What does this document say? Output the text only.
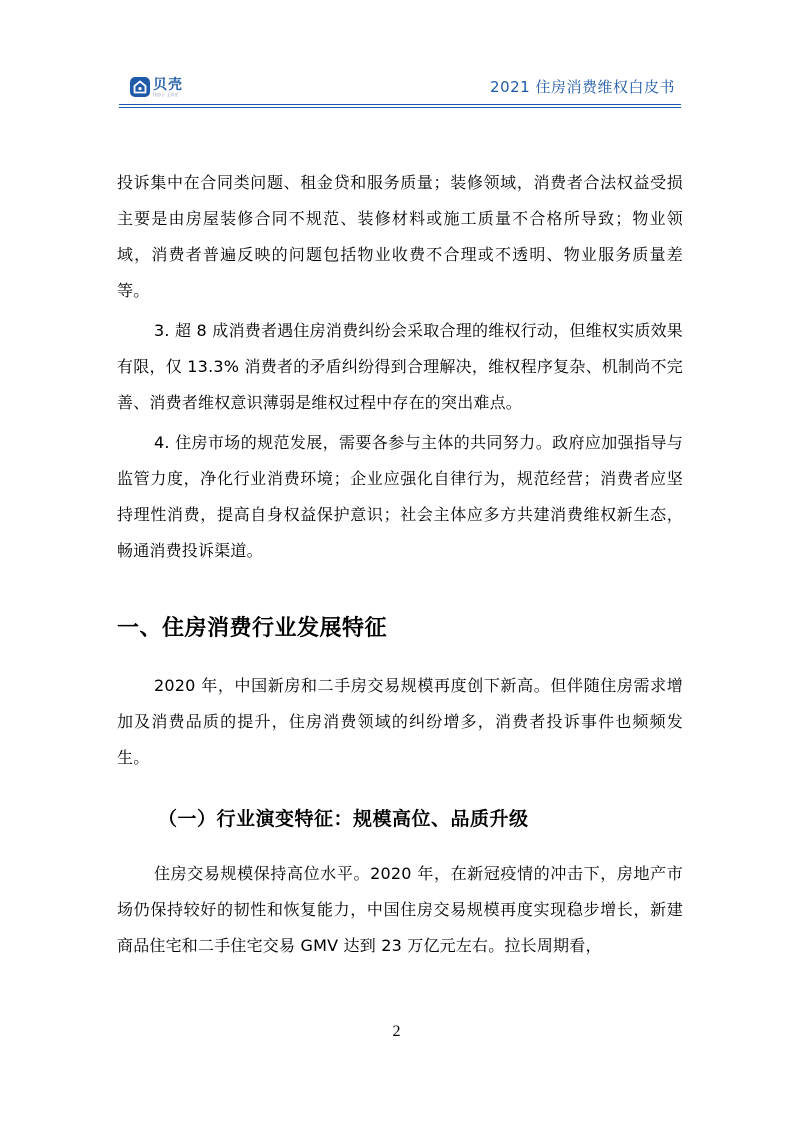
贝壳
找房子 上贝壳	2021 住房消费维权白皮书

投诉集中在合同类问题、租金贷和服务质量；装修领域，消费者合法权益受损主要是由房屋装修合同不规范、装修材料或施工质量不合格所导致；物业领域，消费者普遍反映的问题包括物业收费不合理或不透明、物业服务质量差等。

3. 超 8 成消费者遇住房消费纠纷会采取合理的维权行动，但维权实质效果有限，仅 13.3% 消费者的矛盾纠纷得到合理解决，维权程序复杂、机制尚不完善、消费者维权意识薄弱是维权过程中存在的突出难点。

4. 住房市场的规范发展，需要各参与主体的共同努力。政府应加强指导与监管力度，净化行业消费环境；企业应强化自律行为，规范经营；消费者应坚持理性消费，提高自身权益保护意识；社会主体应多方共建消费维权新生态，畅通消费投诉渠道。

一、住房消费行业发展特征

2020 年，中国新房和二手房交易规模再度创下新高。但伴随住房需求增加及消费品质的提升，住房消费领域的纠纷增多，消费者投诉事件也频频发生。

（一）行业演变特征：规模高位、品质升级

住房交易规模保持高位水平。2020 年，在新冠疫情的冲击下，房地产市场仍保持较好的韧性和恢复能力，中国住房交易规模再度实现稳步增长，新建商品住宅和二手住宅交易 GMV 达到 23 万亿元左右。拉长周期看，

2
